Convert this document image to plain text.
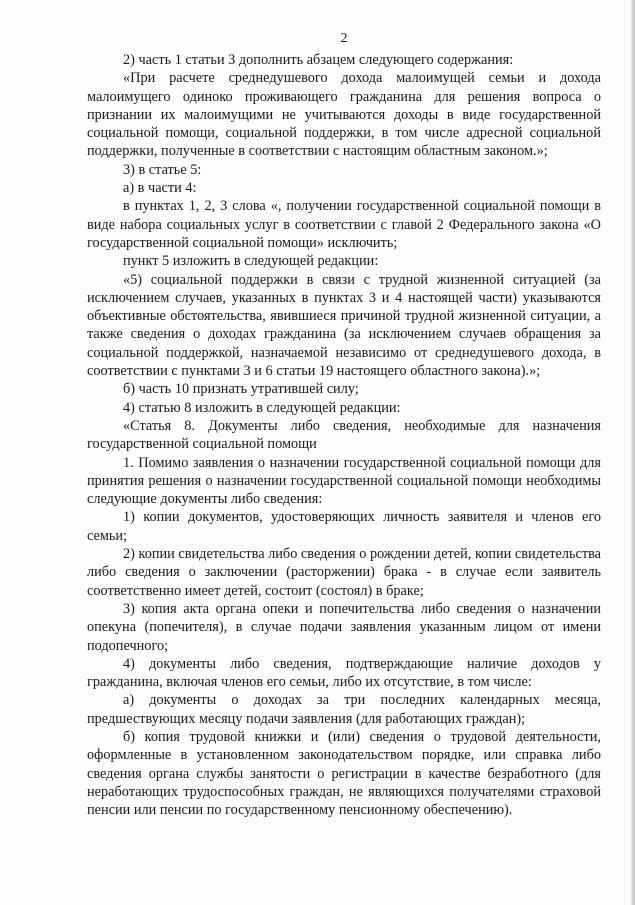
2

2) часть 1 статьи 3 дополнить абзацем следующего содержания:

«При расчете среднедушевого дохода малоимущей семьи и дохода малоимущего одиноко проживающего гражданина для решения вопроса о признании их малоимущими не учитываются доходы в виде государственной социальной помощи, социальной поддержки, в том числе адресной социальной поддержки, полученные в соответствии с настоящим областным законом.»;

3) в статье 5:

а) в части 4:

в пунктах 1, 2, 3 слова «, получении государственной социальной помощи в виде набора социальных услуг в соответствии с главой 2 Федерального закона «О государственной социальной помощи» исключить;

пункт 5 изложить в следующей редакции:

«5) социальной поддержки в связи с трудной жизненной ситуацией (за исключением случаев, указанных в пунктах 3 и 4 настоящей части) указываются объективные обстоятельства, явившиеся причиной трудной жизненной ситуации, а также сведения о доходах гражданина (за исключением случаев обращения за социальной поддержкой, назначаемой независимо от среднедушевого дохода, в соответствии с пунктами 3 и 6 статьи 19 настоящего областного закона).»;

б) часть 10 признать утратившей силу;

4) статью 8 изложить в следующей редакции:

«Статья 8. Документы либо сведения, необходимые для назначения государственной социальной помощи

1. Помимо заявления о назначении государственной социальной помощи для принятия решения о назначении государственной социальной помощи необходимы следующие документы либо сведения:

1) копии документов, удостоверяющих личность заявителя и членов его семьи;

2) копии свидетельства либо сведения о рождении детей, копии свидетельства либо сведения о заключении (расторжении) брака - в случае если заявитель соответственно имеет детей, состоит (состоял) в браке;

3) копия акта органа опеки и попечительства либо сведения о назначении опекуна (попечителя), в случае подачи заявления указанным лицом от имени подопечного;

4) документы либо сведения, подтверждающие наличие доходов у гражданина, включая членов его семьи, либо их отсутствие, в том числе:

а) документы о доходах за три последних календарных месяца, предшествующих месяцу подачи заявления (для работающих граждан);

б) копия трудовой книжки и (или) сведения о трудовой деятельности, оформленные в установленном законодательством порядке, или справка либо сведения органа службы занятости о регистрации в качестве безработного (для неработающих трудоспособных граждан, не являющихся получателями страховой пенсии или пенсии по государственному пенсионному обеспечению).
